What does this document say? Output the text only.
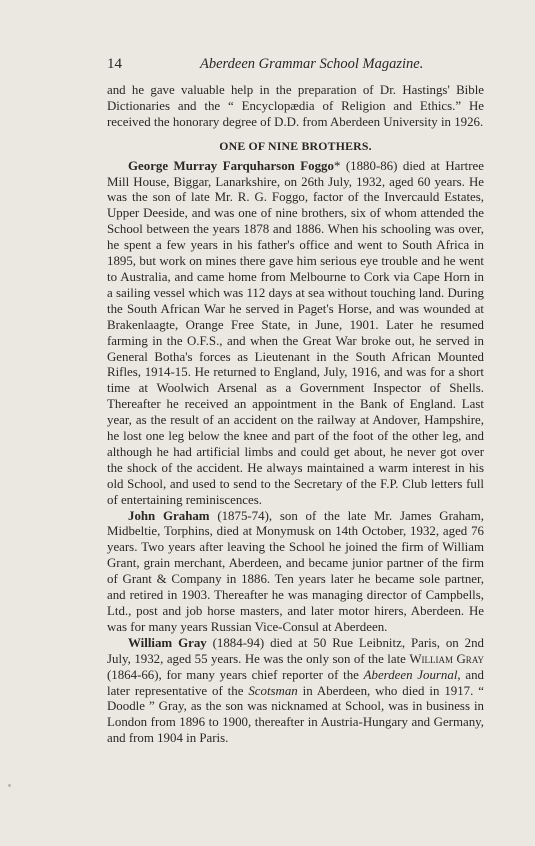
14	Aberdeen Grammar School Magazine.

and he gave valuable help in the preparation of Dr. Hastings' Bible Dictionaries and the “ Encyclopædia of Religion and Ethics.” He received the honorary degree of D.D. from Aberdeen University in 1926.

ONE OF NINE BROTHERS.

George Murray Farquharson Foggo* (1880-86) died at Hartree Mill House, Biggar, Lanarkshire, on 26th July, 1932, aged 60 years. He was the son of late Mr. R. G. Foggo, factor of the Invercauld Estates, Upper Deeside, and was one of nine brothers, six of whom attended the School between the years 1878 and 1886. When his schooling was over, he spent a few years in his father's office and went to South Africa in 1895, but work on mines there gave him serious eye trouble and he went to Australia, and came home from Melbourne to Cork via Cape Horn in a sailing vessel which was 112 days at sea without touching land. During the South African War he served in Paget's Horse, and was wounded at Brakenlaagte, Orange Free State, in June, 1901. Later he resumed farming in the O.F.S., and when the Great War broke out, he served in General Botha's forces as Lieutenant in the South African Mounted Rifles, 1914-15. He returned to England, July, 1916, and was for a short time at Woolwich Arsenal as a Government Inspector of Shells. Thereafter he received an appointment in the Bank of England. Last year, as the result of an accident on the railway at Andover, Hampshire, he lost one leg below the knee and part of the foot of the other leg, and although he had artificial limbs and could get about, he never got over the shock of the accident. He always maintained a warm interest in his old School, and used to send to the Secretary of the F.P. Club letters full of entertaining reminiscences.

John Graham (1875-74), son of the late Mr. James Graham, Midbeltie, Torphins, died at Monymusk on 14th October, 1932, aged 76 years. Two years after leaving the School he joined the firm of William Grant, grain merchant, Aberdeen, and became junior partner of the firm of Grant & Company in 1886. Ten years later he became sole partner, and retired in 1903. Thereafter he was managing director of Campbells, Ltd., post and job horse masters, and later motor hirers, Aberdeen. He was for many years Russian Vice-Consul at Aberdeen.

William Gray (1884-94) died at 50 Rue Leibnitz, Paris, on 2nd July, 1932, aged 55 years. He was the only son of the late William Gray (1864-66), for many years chief reporter of the Aberdeen Journal, and later representative of the Scotsman in Aberdeen, who died in 1917. “ Doodle ” Gray, as the son was nicknamed at School, was in business in London from 1896 to 1900, thereafter in Austria-Hungary and Germany, and from 1904 in Paris.
